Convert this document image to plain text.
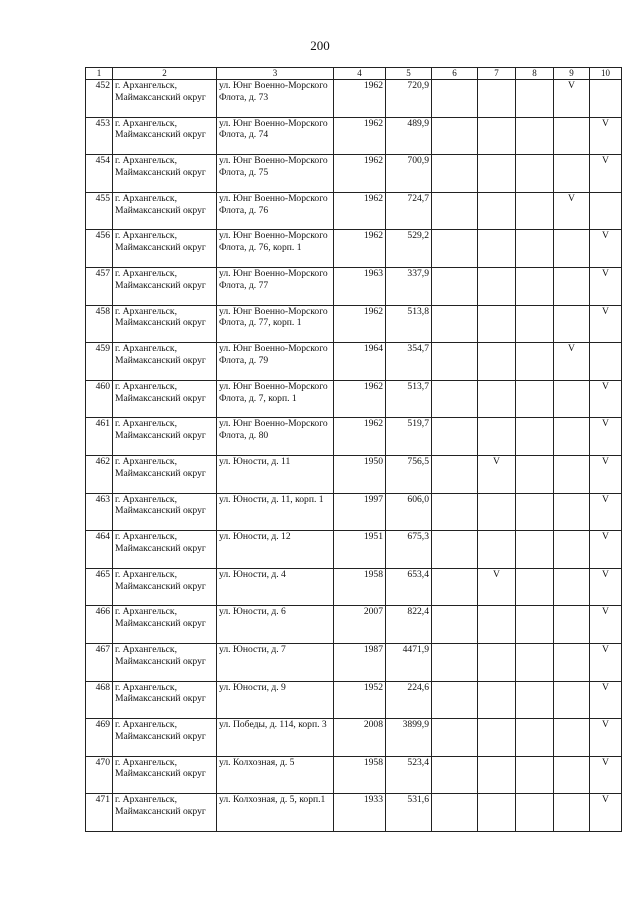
200
1	2	3	4	5	6	7	8	9	10
452	г. Архангельск, Маймаксанский округ	ул. Юнг Военно-Морского Флота, д. 73	1962	720,9				V	
453	г. Архангельск, Маймаксанский округ	ул. Юнг Военно-Морского Флота, д. 74	1962	489,9					V
454	г. Архангельск, Маймаксанский округ	ул. Юнг Военно-Морского Флота, д. 75	1962	700,9					V
455	г. Архангельск, Маймаксанский округ	ул. Юнг Военно-Морского Флота, д. 76	1962	724,7				V	
456	г. Архангельск, Маймаксанский округ	ул. Юнг Военно-Морского Флота, д. 76, корп. 1	1962	529,2					V
457	г. Архангельск, Маймаксанский округ	ул. Юнг Военно-Морского Флота, д. 77	1963	337,9					V
458	г. Архангельск, Маймаксанский округ	ул. Юнг Военно-Морского Флота, д. 77, корп. 1	1962	513,8					V
459	г. Архангельск, Маймаксанский округ	ул. Юнг Военно-Морского Флота, д. 79	1964	354,7				V	
460	г. Архангельск, Маймаксанский округ	ул. Юнг Военно-Морского Флота, д. 7, корп. 1	1962	513,7					V
461	г. Архангельск, Маймаксанский округ	ул. Юнг Военно-Морского Флота, д. 80	1962	519,7					V
462	г. Архангельск, Маймаксанский округ	ул. Юности, д. 11	1950	756,5		V			V
463	г. Архангельск, Маймаксанский округ	ул. Юности, д. 11, корп. 1	1997	606,0					V
464	г. Архангельск, Маймаксанский округ	ул. Юности, д. 12	1951	675,3					V
465	г. Архангельск, Маймаксанский округ	ул. Юности, д. 4	1958	653,4		V			V
466	г. Архангельск, Маймаксанский округ	ул. Юности, д. 6	2007	822,4					V
467	г. Архангельск, Маймаксанский округ	ул. Юности, д. 7	1987	4471,9					V
468	г. Архангельск, Маймаксанский округ	ул. Юности, д. 9	1952	224,6					V
469	г. Архангельск, Маймаксанский округ	ул. Победы, д. 114, корп. 3	2008	3899,9					V
470	г. Архангельск, Маймаксанский округ	ул. Колхозная, д. 5	1958	523,4					V
471	г. Архангельск, Маймаксанский округ	ул. Колхозная, д. 5, корп.1	1933	531,6					V
